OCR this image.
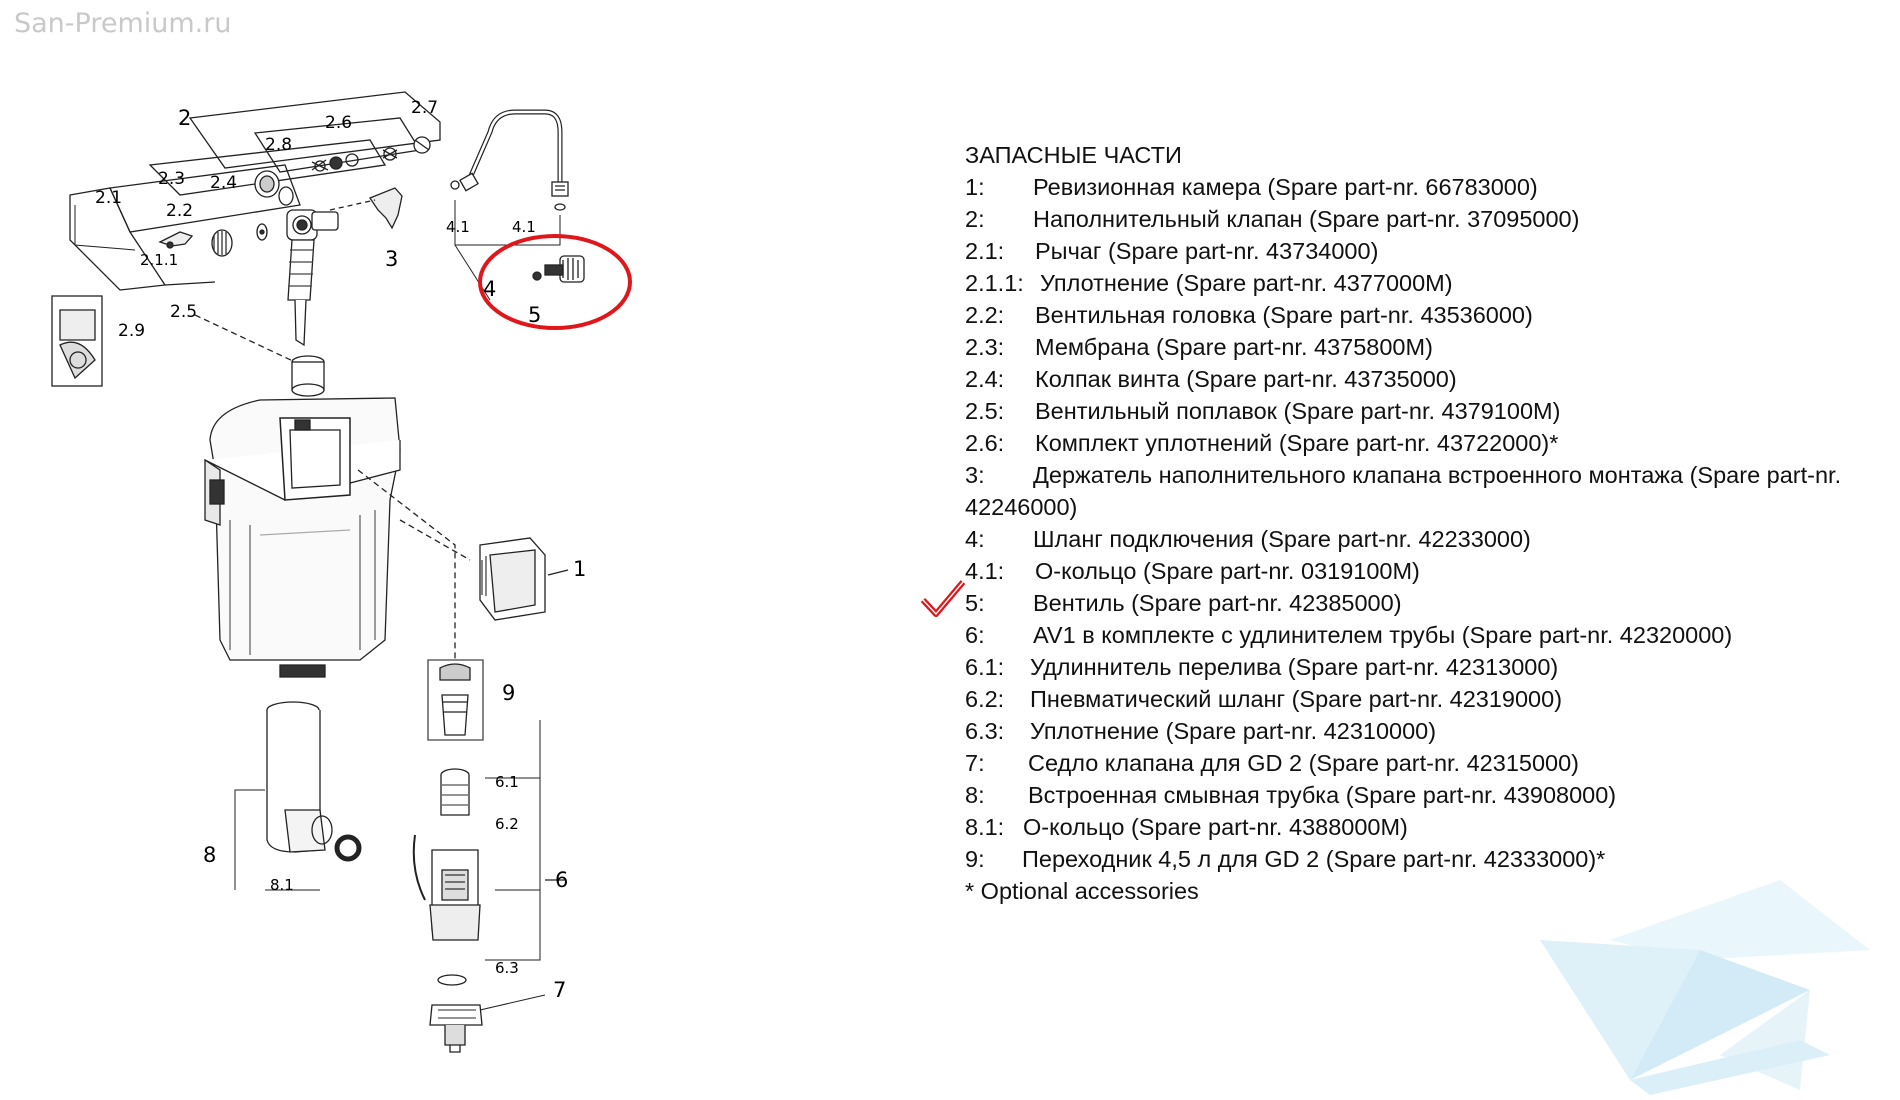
San-Premium.ru
2
2.1
2.1.1
2.2
2.3 2.4
2.5
2.6
2.7
2.8
2.9
3
4
4.1	4.1
5
1
9
6.1
6.2
6
6.3
7
8
8.1
ЗАПАСНЫЕ ЧАСТИ
1:	Ревизионная камера (Spare part-nr. 66783000)
2:	Наполнительный клапан (Spare part-nr. 37095000)
2.1:	Рычаг (Spare part-nr. 43734000)
2.1.1: Уплотнение (Spare part-nr. 4377000M)
2.2:	Вентильная головка (Spare part-nr. 43536000)
2.3:	Мембрана (Spare part-nr. 4375800M)
2.4:	Колпак винта (Spare part-nr. 43735000)
2.5:	Вентильный поплавок (Spare part-nr. 4379100M)
2.6:	Комплект уплотнений (Spare part-nr. 43722000)*
3: Держатель наполнительного клапана встроенного монтажа (Spare part-nr. 42246000)
4:	Шланг подключения (Spare part-nr. 42233000)
4.1:	О-кольцо (Spare part-nr. 0319100M)
5:	Вентиль (Spare part-nr. 42385000)
6:	AV1 в комплекте с удлинителем трубы (Spare part-nr. 42320000)
6.1:	Удлиннитель перелива (Spare part-nr. 42313000)
6.2:	Пневматический шланг (Spare part-nr. 42319000)
6.3:	Уплотнение (Spare part-nr. 42310000)
7:	Седло клапана для GD 2 (Spare part-nr. 42315000)
8:	Встроенная смывная трубка (Spare part-nr. 43908000)
8.1: О-кольцо (Spare part-nr. 4388000M)
9:	Переходник 4,5 л для GD 2 (Spare part-nr. 42333000)*
* Optional accessories
